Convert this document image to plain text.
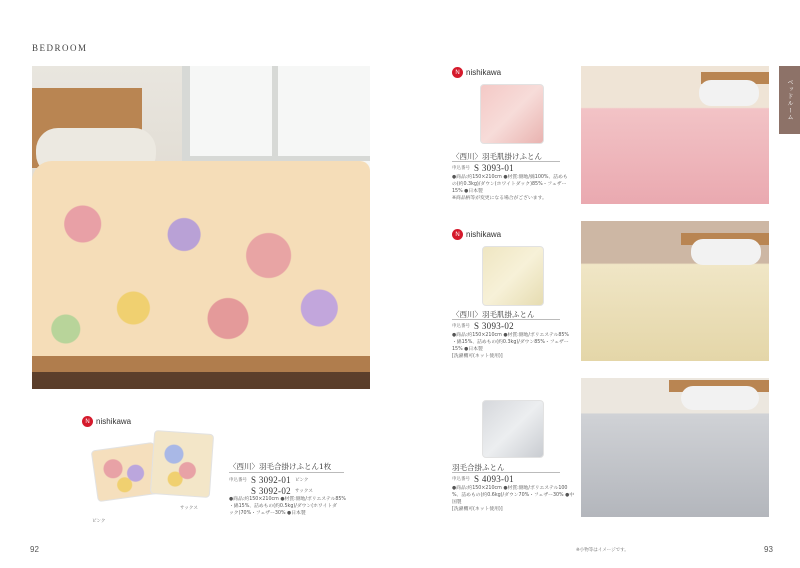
BEDROOM
ベッドルーム
92	93
※小物等はイメージです。
N nishikawa
ピンク
サックス
〈西川〉羽毛合掛けふとん1枚
申込番号 S 3092-01 ピンク
S 3092-02 サックス
●商品:約150×210cm ●材質:側地/ポリエステル85%
・綿15%、詰めもの(約0.5kg)/ダウン(ホワイトダ
ック)70%・フェザー30% ●日本製
N nishikawa
〈西川〉羽毛肌掛けふとん
申込番号 S 3093-01
●商品:約150×210cm ●材質:側地/綿100%、詰めも
の(約0.3kg)/ダウン(ホワイトダック)85%・フェザー
15% ●日本製
※商品柄等が変更になる場合がございます。
N nishikawa
〈西川〉羽毛肌掛ふとん
申込番号 S 3093-02
●商品:約150×210cm ●材質:側地/ポリエステル85%
・綿15%、詰めもの(約0.3kg)/ダウン85%・フェザー
15% ●日本製
[洗濯機可(ネット使用)]
羽毛合掛ふとん
申込番号 S 4093-01
●商品:約150×210cm ●材質:側地/ポリエステル100
%、詰めもの(約0.6kg)/ダウン70%・フェザー30% ●中
国製
[洗濯機可(ネット使用)]
